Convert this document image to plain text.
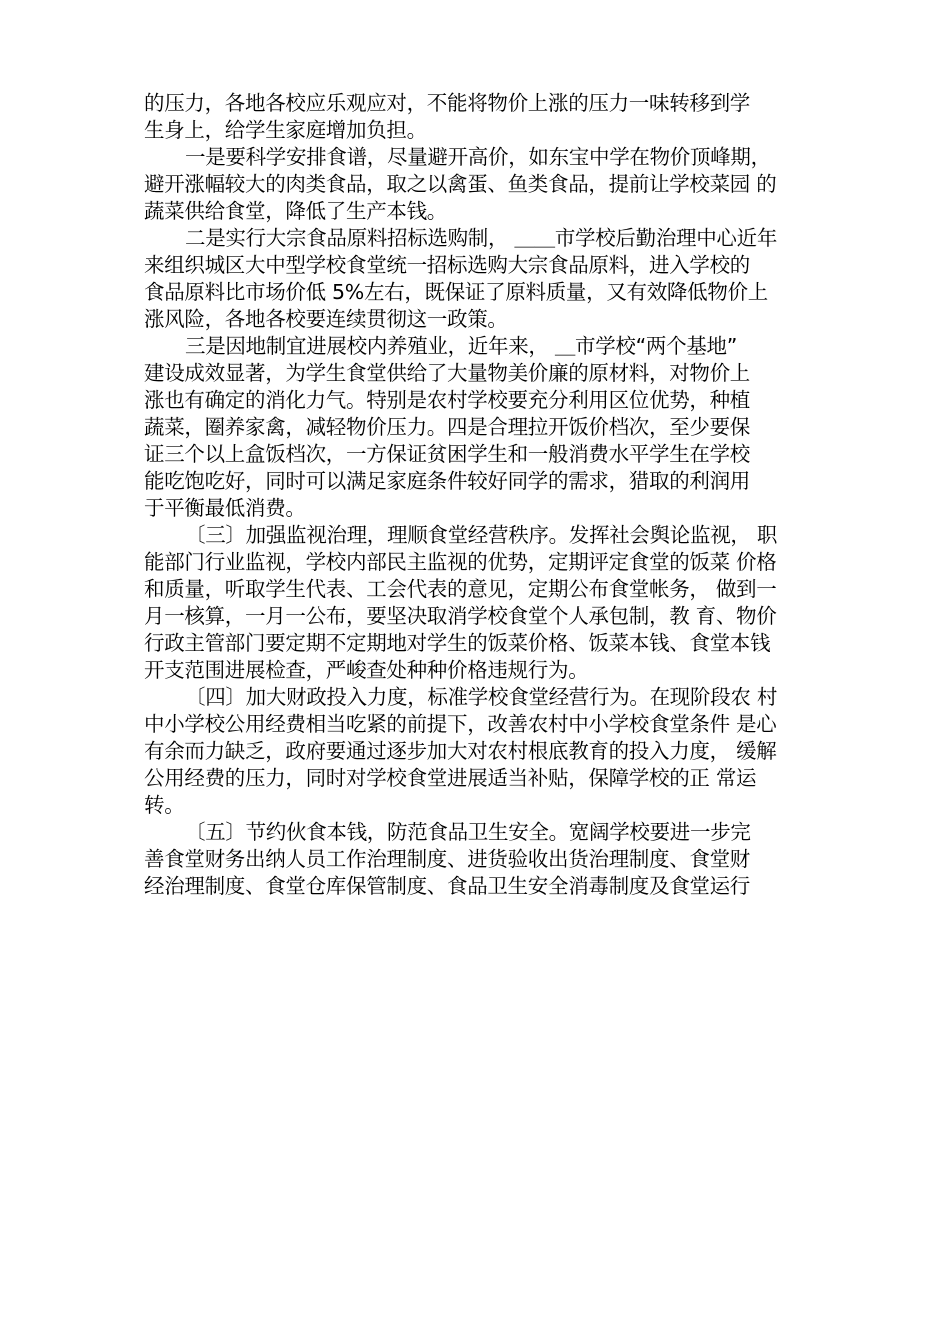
的压力，各地各校应乐观应对，不能将物价上涨的压力一味转移到学
生身上，给学生家庭增加负担。
一是要科学安排食谱，尽量避开高价，如东宝中学在物价顶峰期，
避开涨幅较大的肉类食品，取之以禽蛋、鱼类食品，提前让学校菜园 的
蔬菜供给食堂，降低了生产本钱。
二是实行大宗食品原料招标选购制， ＿＿市学校后勤治理中心近年
来组织城区大中型学校食堂统一招标选购大宗食品原料，进入学校的
食品原料比市场价低 5%左右，既保证了原料质量，又有效降低物价上
涨风险，各地各校要连续贯彻这一政策。
三是因地制宜进展校内养殖业，近年来， ＿市学校“两个基地”
建设成效显著，为学生食堂供给了大量物美价廉的原材料，对物价上
涨也有确定的消化力气。特别是农村学校要充分利用区位优势，种植
蔬菜，圈养家禽，减轻物价压力。四是合理拉开饭价档次，至少要保
证三个以上盒饭档次，一方保证贫困学生和一般消费水平学生在学校
能吃饱吃好，同时可以满足家庭条件较好同学的需求，猎取的利润用
于平衡最低消费。
〔三〕加强监视治理，理顺食堂经营秩序。发挥社会舆论监视， 职
能部门行业监视，学校内部民主监视的优势，定期评定食堂的饭菜 价格
和质量，听取学生代表、工会代表的意见，定期公布食堂帐务， 做到一
月一核算，一月一公布，要坚决取消学校食堂个人承包制，教 育、物价
行政主管部门要定期不定期地对学生的饭菜价格、饭菜本钱、食堂本钱
开支范围进展检查，严峻查处种种价格违规行为。
〔四〕加大财政投入力度，标准学校食堂经营行为。在现阶段农 村
中小学校公用经费相当吃紧的前提下，改善农村中小学校食堂条件 是心
有余而力缺乏，政府要通过逐步加大对农村根底教育的投入力度， 缓解
公用经费的压力，同时对学校食堂进展适当补贴，保障学校的正 常运
转。
〔五〕节约伙食本钱，防范食品卫生安全。宽阔学校要进一步完
善食堂财务出纳人员工作治理制度、进货验收出货治理制度、食堂财
经治理制度、食堂仓库保管制度、食品卫生安全消毒制度及食堂运行
